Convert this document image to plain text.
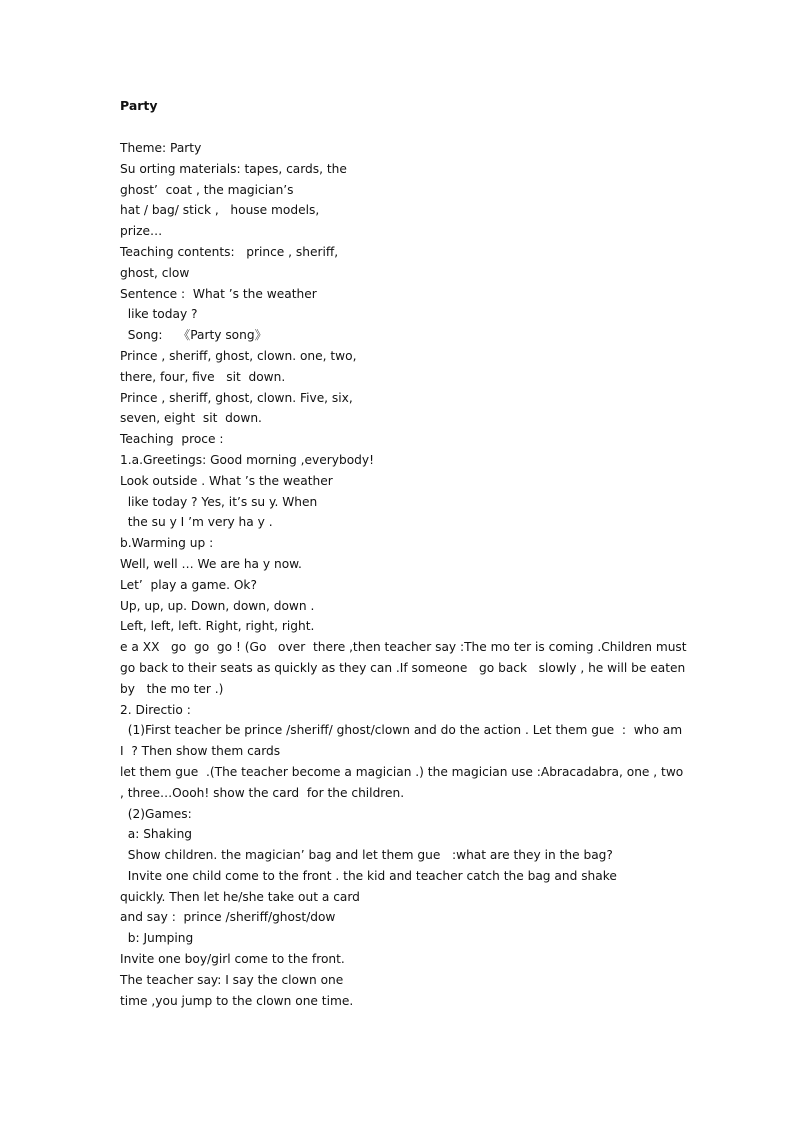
Party
Theme: Party
Su orting materials: tapes, cards, the
ghost’  coat , the magician’s
hat / bag/ stick ,   house models,
prize…
Teaching contents:   prince , sheriff,
ghost, clow
Sentence :  What ’s the weather
like today ?
Song:    《Party song》
Prince , sheriff, ghost, clown. one, two,
there, four, five   sit  down.
Prince , sheriff, ghost, clown. Five, six,
seven, eight  sit  down.
Teaching  proce :
1.a.Greetings: Good morning ,everybody!
Look outside . What ’s the weather
like today ? Yes, it’s su y. When
the su y I ’m very ha y .
b.Warming up :
Well, well … We are ha y now.
Let’  play a game. Ok?
Up, up, up. Down, down, down .
Left, left, left. Right, right, right.
e a XX   go  go  go ! (Go   over  there ,then teacher say :The mo ter is coming .Children must
go back to their seats as quickly as they can .If someone   go back   slowly , he will be eaten
by   the mo ter .)
2. Directio :
(1)First teacher be prince /sheriff/ ghost/clown and do the action . Let them gue  :  who am
I  ? Then show them cards
let them gue  .(The teacher become a magician .) the magician use :Abracadabra, one , two
, three…Oooh! show the card  for the children.
(2)Games:
a: Shaking
Show children. the magician’ bag and let them gue   :what are they in the bag?
Invite one child come to the front . the kid and teacher catch the bag and shake
quickly. Then let he/she take out a card
and say :  prince /sheriff/ghost/dow
b: Jumping
Invite one boy/girl come to the front.
The teacher say: I say the clown one
time ,you jump to the clown one time.
